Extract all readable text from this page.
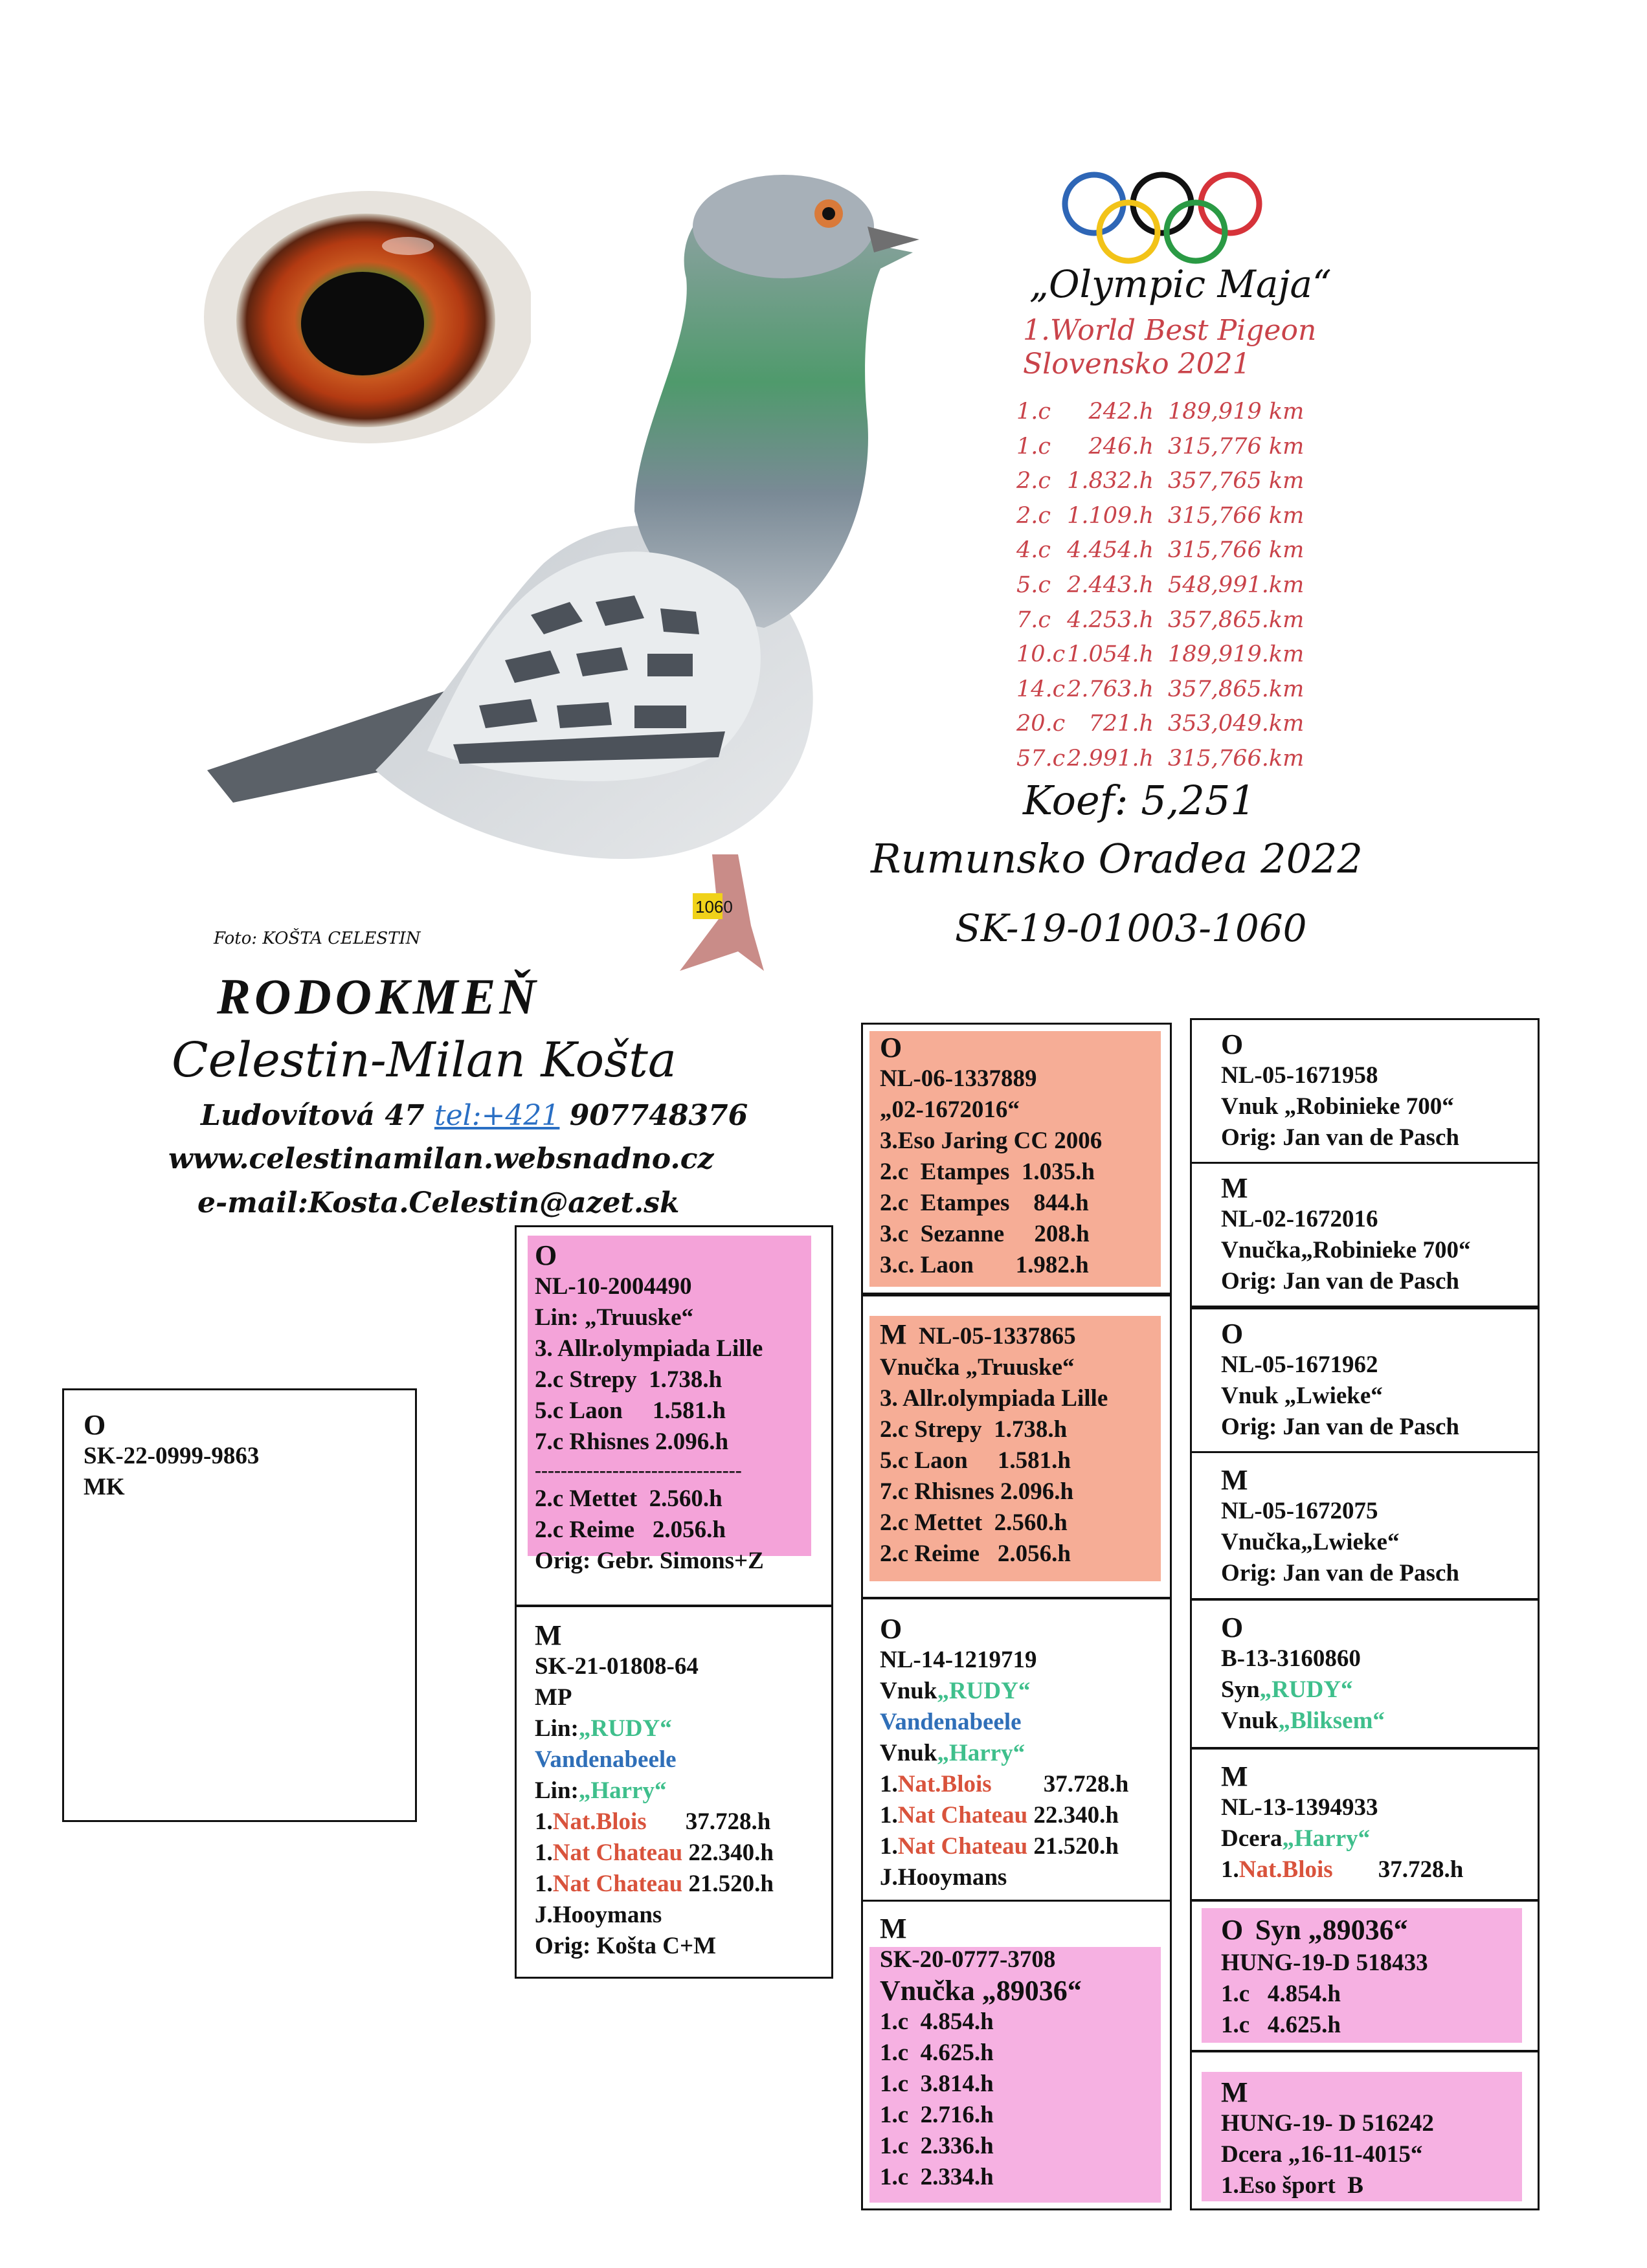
1060
„Olympic Maja“
1.World Best Pigeon
Slovensko 2021
1.c	242.h 189,919 km
1.c	246.h 315,776 km
2.c 1.832.h 357,765 km
2.c 1.109.h 315,766 km
4.c 4.454.h 315,766 km
5.c 2.443.h 548,991.km
7.c 4.253.h 357,865.km
10.c 1.054.h 189,919.km
14.c 2.763.h 357,865.km
20.c	721.h 353,049.km
57.c 2.991.h 315,766.km
Koef: 5,251
Rumunsko Oradea 2022
SK-19-01003-1060
Foto: KOŠTA CELESTIN
RODOKMEŇ
Celestin-Milan Košta
Ludovítová 47 tel:+421 907748376
www.celestinamilan.websnadno.cz
e-mail:Kosta.Celestin@azet.sk
O
SK-22-0999-9863
MK
O
NL-10-2004490
Lin: „Truuske“
3. Allr.olympiada Lille
2.c Strepy  1.738.h
5.c Laon     1.581.h
7.c Rhisnes 2.096.h
--------------------------------
2.c Mettet  2.560.h
2.c Reime   2.056.h
Orig: Gebr. Simons+Z
M
SK-21-01808-64
MP
Lin:„RUDY“
Vandenabeele
Lin:„Harry“
1.Nat.Blois 37.728.h
1.Nat Chateau 22.340.h
1.Nat Chateau 21.520.h
J.Hooymans
Orig: Košta C+M
O
NL-06-1337889
„02-1672016“
3.Eso Jaring CC 2006
2.c  Etampes  1.035.h
2.c  Etampes    844.h
3.c  Sezanne     208.h
3.c. Laon       1.982.h
M NL-05-1337865
Vnučka „Truuske“
3. Allr.olympiada Lille
2.c Strepy  1.738.h
5.c Laon     1.581.h
7.c Rhisnes 2.096.h
2.c Mettet  2.560.h
2.c Reime   2.056.h
O
NL-14-1219719
Vnuk„RUDY“
Vandenabeele
Vnuk„Harry“
1.Nat.Blois 37.728.h
1.Nat Chateau 22.340.h
1.Nat Chateau 21.520.h
J.Hooymans
M
SK-20-0777-3708
Vnučka „89036“
1.c  4.854.h
1.c  4.625.h
1.c  3.814.h
1.c  2.716.h
1.c  2.336.h
1.c  2.334.h
O
NL-05-1671958
Vnuk „Robinieke 700“
Orig: Jan van de Pasch
M
NL-02-1672016
Vnučka„Robinieke 700“
Orig: Jan van de Pasch
O
NL-05-1671962
Vnuk „Lwieke“
Orig: Jan van de Pasch
M
NL-05-1672075
Vnučka„Lwieke“
Orig: Jan van de Pasch
O
B-13-3160860
Syn„RUDY“
Vnuk„Bliksem“
M
NL-13-1394933
Dcera„Harry“
1.Nat.Blois 37.728.h
O Syn „89036“
HUNG-19-D 518433
1.c   4.854.h
1.c   4.625.h
M
HUNG-19- D 516242
Dcera „16-11-4015“
1.Eso šport  B
